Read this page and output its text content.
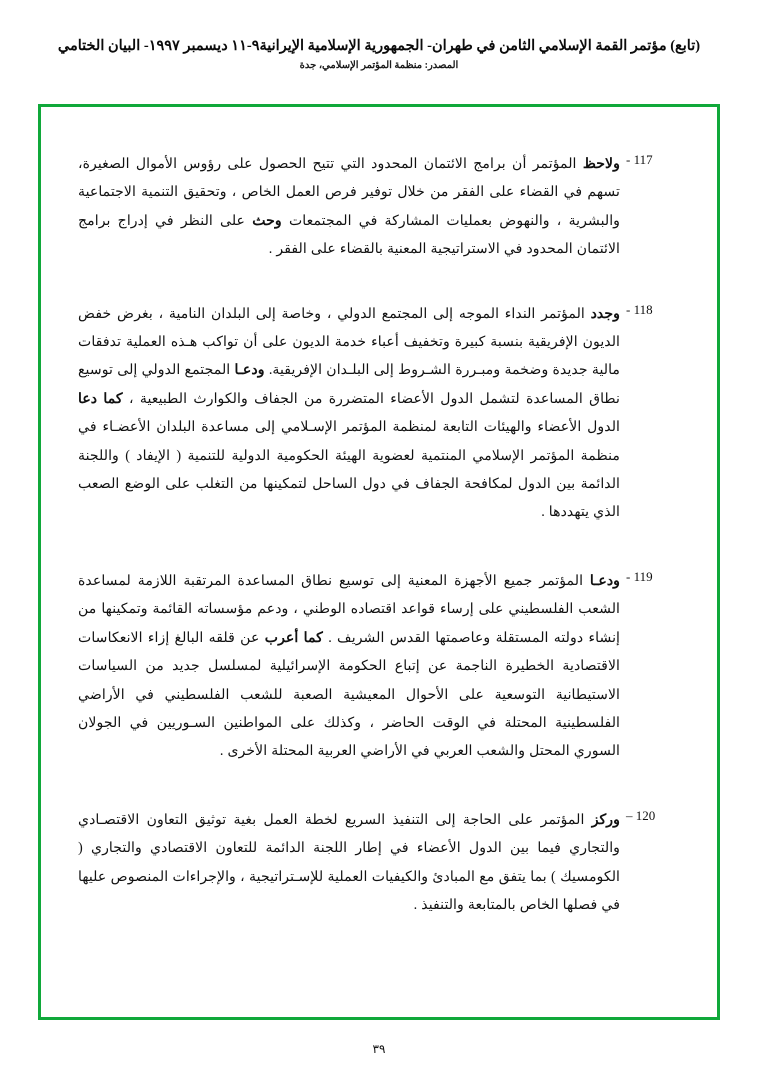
(تابع) مؤتمر القمة الإسلامي الثامن في طهران- الجمهورية الإسلامية الإيرانية٩-١١ ديسمبر ١٩٩٧- البيان الختامي
المصدر: منظمة المؤتمر الإسلامي، جدة
117 -
ولاحظ المؤتمر أن برامج الائتمان المحدود التي تتيح الحصول على رؤوس الأموال الصغيرة، تسهم في القضاء على الفقر من خلال توفير فرص العمل الخاص ، وتحقيق التنمية الاجتماعية والبشرية ، والنهوض بعمليات المشاركة في المجتمعات وحث على النظر في إدراج برامج الائتمان المحدود في الاستراتيجية المعنية بالقضاء على الفقر .
118 -
وجدد المؤتمر النداء الموجه إلى المجتمع الدولي ، وخاصة إلى البلدان النامية ، بغرض خفض الديون الإفريقية بنسبة كبيرة وتخفيف أعباء خدمة الديون على أن تواكب هـذه العملية تدفقات مالية جديدة وضخمة ومبـررة الشـروط إلى البلـدان الإفريقية. ودعـا المجتمع الدولي إلى توسيع نطاق المساعدة لتشمل الدول الأعضاء المتضررة من الجفاف والكوارث الطبيعية ، كما دعا الدول الأعضاء والهيئات التابعة لمنظمة المؤتمر الإسـلامي إلى مساعدة البلدان الأعضـاء في منظمة المؤتمر الإسلامي المنتمية لعضوية الهيئة الحكومية الدولية للتنمية ( الإيفاد ) واللجنة الدائمة بين الدول لمكافحة الجفاف في دول الساحل لتمكينها من التغلب على الوضع الصعب الذي يتهددها .
119 -
ودعـا المؤتمر جميع الأجهزة المعنية إلى توسيع نطاق المساعدة المرتقبة اللازمة لمساعدة الشعب الفلسطيني على إرساء قواعد اقتصاده الوطني ، ودعم مؤسساته القائمة وتمكينها من إنشاء دولته المستقلة وعاصمتها القدس الشريف . كما أعرب عن قلقه البالغ إزاء الانعكاسات الاقتصادية الخطيرة الناجمة عن إتباع الحكومة الإسرائيلية لمسلسل جديد من السياسات الاستيطانية التوسعية على الأحوال المعيشية الصعبة للشعب الفلسطيني في الأراضي الفلسطينية المحتلة في الوقت الحاضر ، وكذلك على المواطنين السـوريين في الجولان السوري المحتل والشعب العربي في الأراضي العربية المحتلة الأخرى .
120 –
وركز المؤتمر على الحاجة إلى التنفيذ السريع لخطة العمل بغية توثيق التعاون الاقتصـادي والتجاري فيما بين الدول الأعضاء في إطار اللجنة الدائمة للتعاون الاقتصادي والتجاري ( الكومسيك ) بما يتفق مع المبادئ والكيفيات العملية للإسـتراتيجية ، والإجراءات المنصوص عليها في فصلها الخاص بالمتابعة والتنفيذ .
٣٩
